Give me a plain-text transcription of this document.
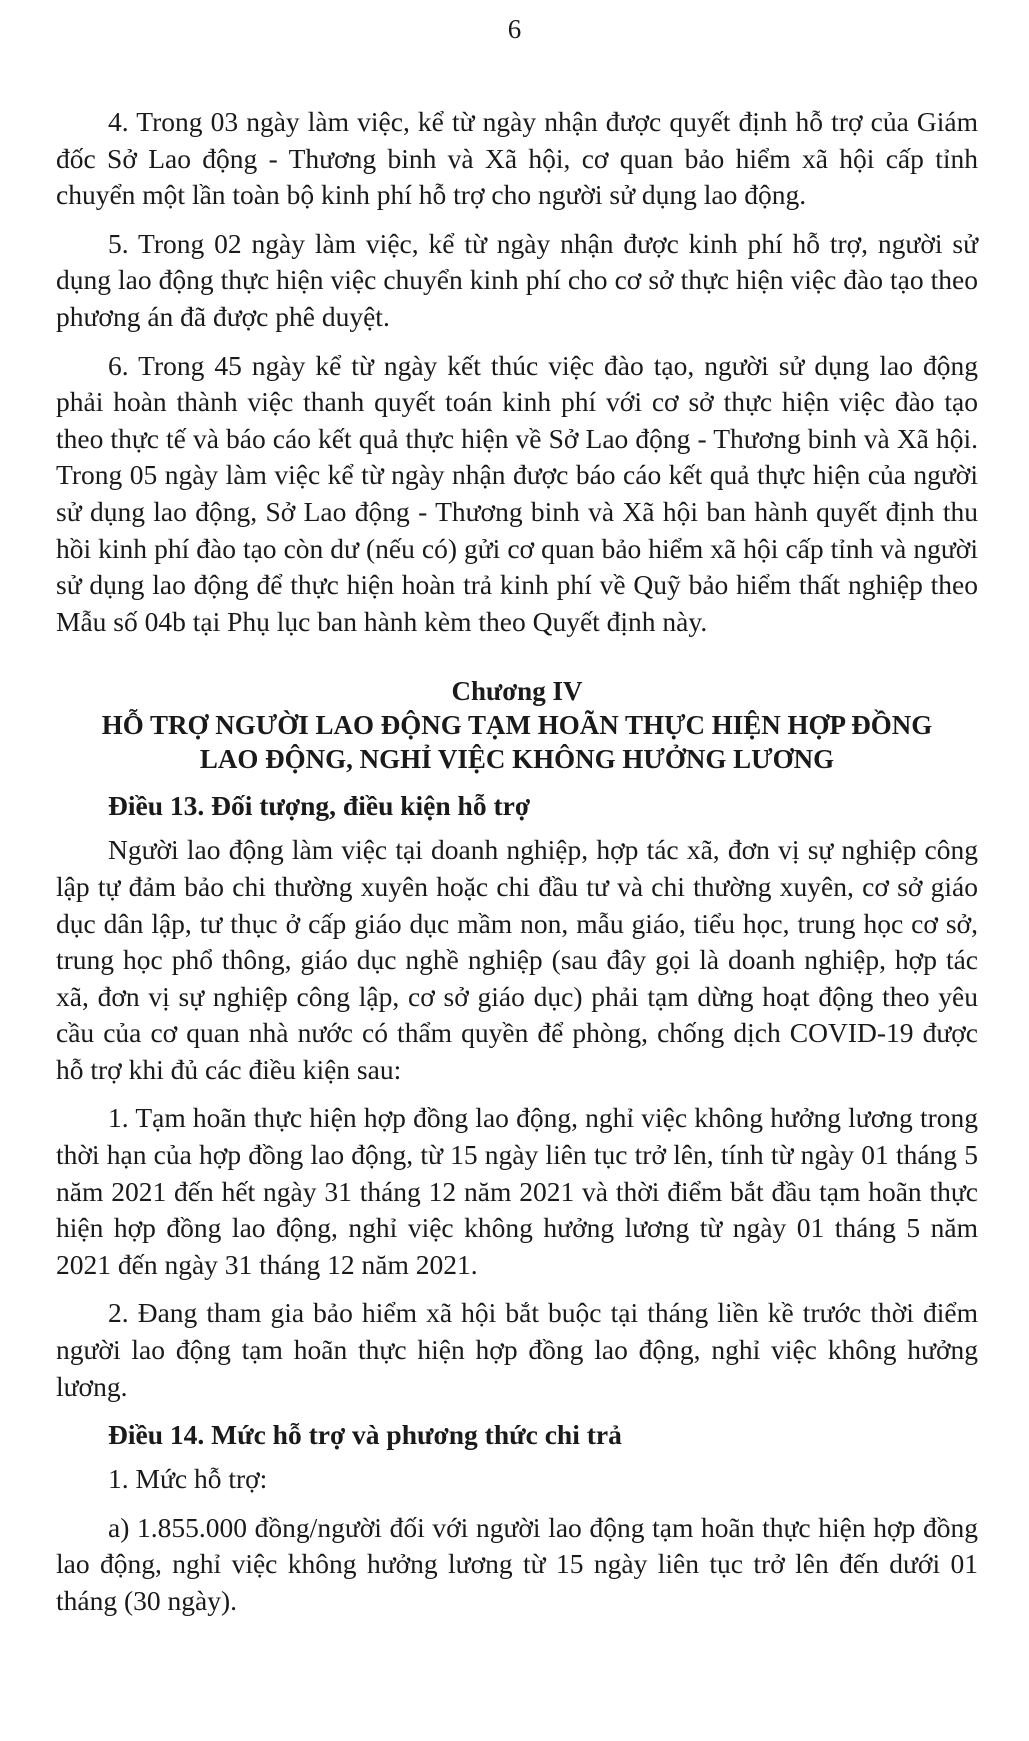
6

4. Trong 03 ngày làm việc, kể từ ngày nhận được quyết định hỗ trợ của Giám đốc Sở Lao động - Thương binh và Xã hội, cơ quan bảo hiểm xã hội cấp tỉnh chuyển một lần toàn bộ kinh phí hỗ trợ cho người sử dụng lao động.

5. Trong 02 ngày làm việc, kể từ ngày nhận được kinh phí hỗ trợ, người sử dụng lao động thực hiện việc chuyển kinh phí cho cơ sở thực hiện việc đào tạo theo phương án đã được phê duyệt.

6. Trong 45 ngày kể từ ngày kết thúc việc đào tạo, người sử dụng lao động phải hoàn thành việc thanh quyết toán kinh phí với cơ sở thực hiện việc đào tạo theo thực tế và báo cáo kết quả thực hiện về Sở Lao động - Thương binh và Xã hội. Trong 05 ngày làm việc kể từ ngày nhận được báo cáo kết quả thực hiện của người sử dụng lao động, Sở Lao động - Thương binh và Xã hội ban hành quyết định thu hồi kinh phí đào tạo còn dư (nếu có) gửi cơ quan bảo hiểm xã hội cấp tỉnh và người sử dụng lao động để thực hiện hoàn trả kinh phí về Quỹ bảo hiểm thất nghiệp theo Mẫu số 04b tại Phụ lục ban hành kèm theo Quyết định này.

Chương IV
HỖ TRỢ NGƯỜI LAO ĐỘNG TẠM HOÃN THỰC HIỆN HỢP ĐỒNG
LAO ĐỘNG, NGHỈ VIỆC KHÔNG HƯỞNG LƯƠNG
Điều 13. Đối tượng, điều kiện hỗ trợ

Người lao động làm việc tại doanh nghiệp, hợp tác xã, đơn vị sự nghiệp công lập tự đảm bảo chi thường xuyên hoặc chi đầu tư và chi thường xuyên, cơ sở giáo dục dân lập, tư thục ở cấp giáo dục mầm non, mẫu giáo, tiểu học, trung học cơ sở, trung học phổ thông, giáo dục nghề nghiệp (sau đây gọi là doanh nghiệp, hợp tác xã, đơn vị sự nghiệp công lập, cơ sở giáo dục) phải tạm dừng hoạt động theo yêu cầu của cơ quan nhà nước có thẩm quyền để phòng, chống dịch COVID-19 được hỗ trợ khi đủ các điều kiện sau:

1. Tạm hoãn thực hiện hợp đồng lao động, nghỉ việc không hưởng lương trong thời hạn của hợp đồng lao động, từ 15 ngày liên tục trở lên, tính từ ngày 01 tháng 5 năm 2021 đến hết ngày 31 tháng 12 năm 2021 và thời điểm bắt đầu tạm hoãn thực hiện hợp đồng lao động, nghỉ việc không hưởng lương từ ngày 01 tháng 5 năm 2021 đến ngày 31 tháng 12 năm 2021.

2. Đang tham gia bảo hiểm xã hội bắt buộc tại tháng liền kề trước thời điểm người lao động tạm hoãn thực hiện hợp đồng lao động, nghỉ việc không hưởng lương.

Điều 14. Mức hỗ trợ và phương thức chi trả

1. Mức hỗ trợ:

a) 1.855.000 đồng/người đối với người lao động tạm hoãn thực hiện hợp đồng lao động, nghỉ việc không hưởng lương từ 15 ngày liên tục trở lên đến dưới 01 tháng (30 ngày).
